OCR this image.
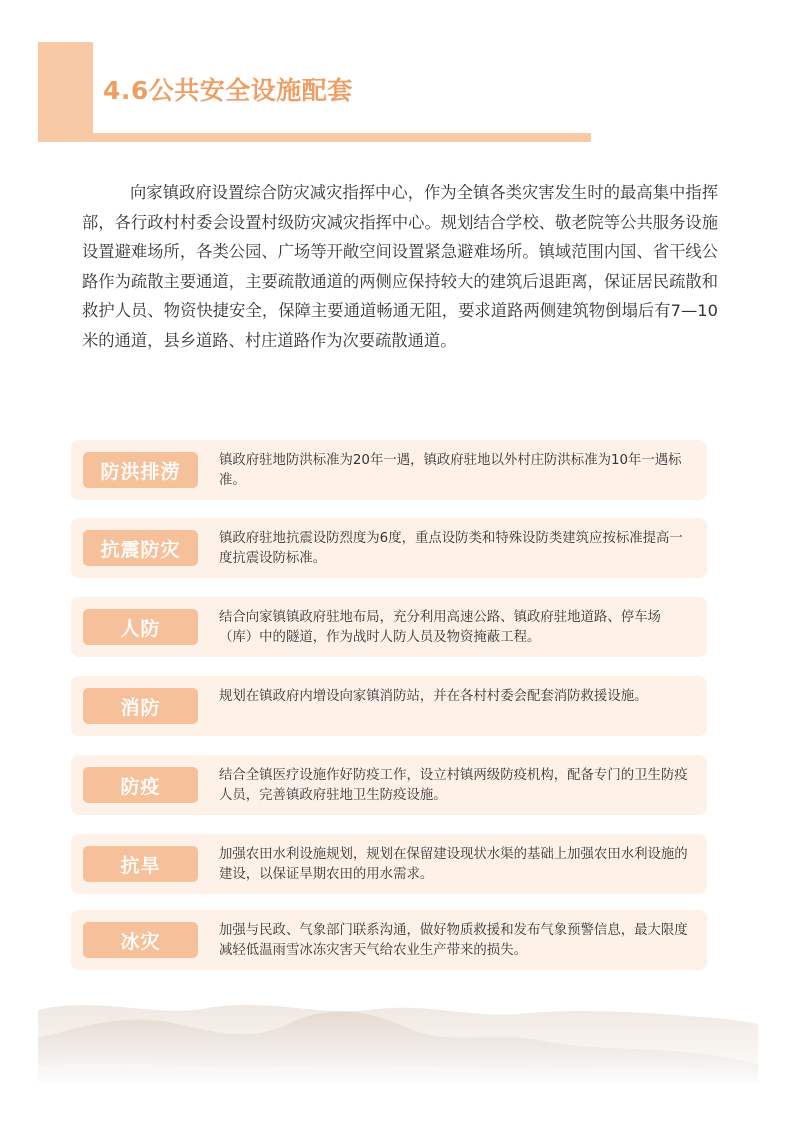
4.6公共安全设施配套

向家镇政府设置综合防灾减灾指挥中心，作为全镇各类灾害发生时的最高集中指挥部，各行政村村委会设置村级防灾减灾指挥中心。规划结合学校、敬老院等公共服务设施设置避难场所，各类公园、广场等开敞空间设置紧急避难场所。镇域范围内国、省干线公路作为疏散主要通道，主要疏散通道的两侧应保持较大的建筑后退距离，保证居民疏散和救护人员、物资快捷安全，保障主要通道畅通无阻，要求道路两侧建筑物倒塌后有7—10米的通道，县乡道路、村庄道路作为次要疏散通道。

防洪排涝	镇政府驻地防洪标准为20年一遇，镇政府驻地以外村庄防洪标准为10年一遇标准。
抗震防灾	镇政府驻地抗震设防烈度为6度，重点设防类和特殊设防类建筑应按标准提高一度抗震设防标准。
人防	结合向家镇镇政府驻地布局，充分利用高速公路、镇政府驻地道路、停车场（库）中的隧道，作为战时人防人员及物资掩蔽工程。
消防	规划在镇政府内增设向家镇消防站，并在各村村委会配套消防救援设施。
防疫	结合全镇医疗设施作好防疫工作，设立村镇两级防疫机构，配备专门的卫生防疫人员，完善镇政府驻地卫生防疫设施。
抗旱	加强农田水利设施规划，规划在保留建设现状水渠的基础上加强农田水利设施的建设，以保证旱期农田的用水需求。
冰灾	加强与民政、气象部门联系沟通，做好物质救援和发布气象预警信息，最大限度减轻低温雨雪冰冻灾害天气给农业生产带来的损失。
